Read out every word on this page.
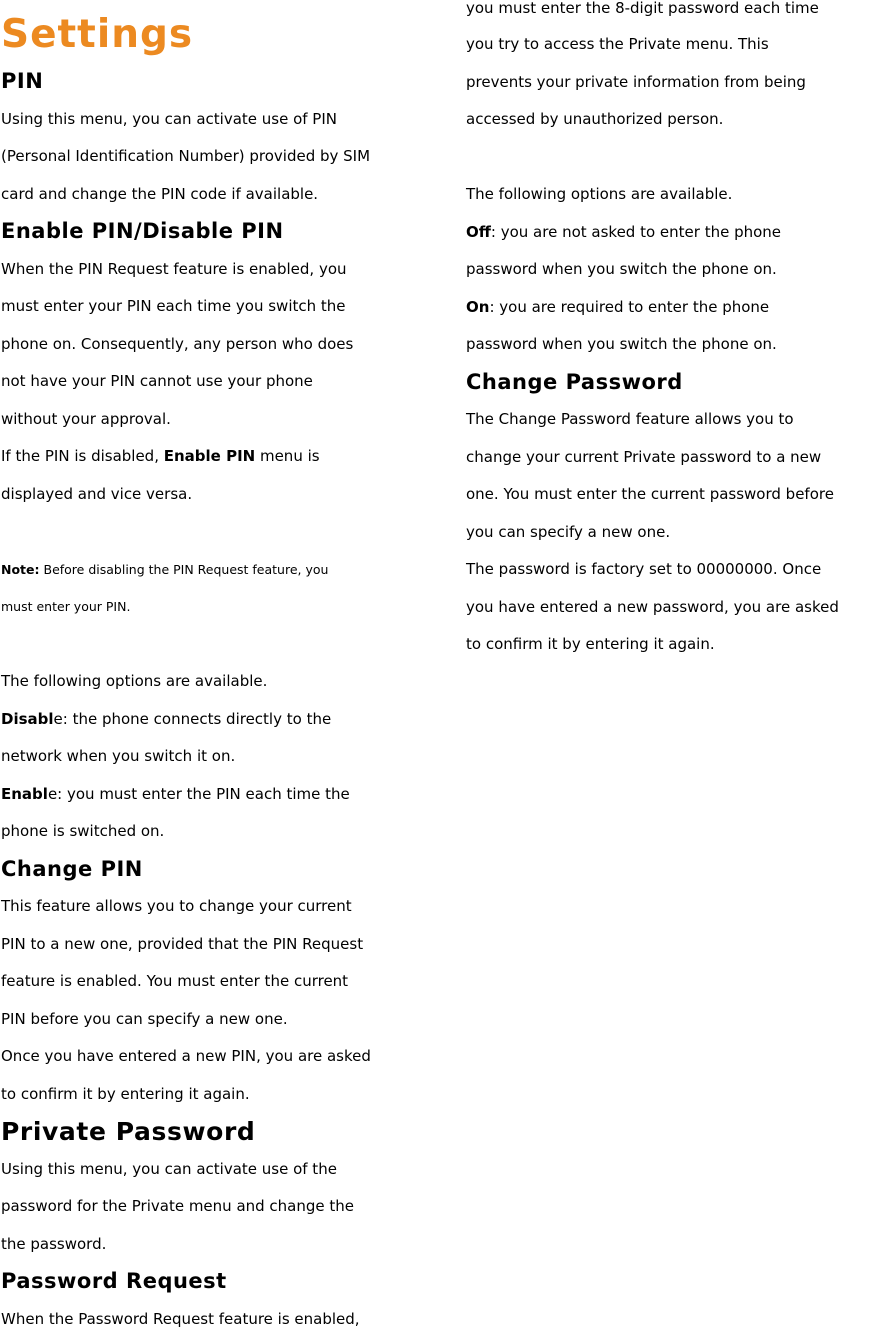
Settings
PIN

Using this menu, you can activate use of PIN

(Personal Identification Number) provided by SIM

card and change the PIN code if available.

Enable PIN/Disable PIN

When the PIN Request feature is enabled, you

must enter your PIN each time you switch the

phone on. Consequently, any person who does

not have your PIN cannot use your phone

without your approval.

If the PIN is disabled, Enable PIN menu is

displayed and vice versa.

Note: Before disabling the PIN Request feature, you

must enter your PIN.

The following options are available.

Disable: the phone connects directly to the

network when you switch it on.

Enable: you must enter the PIN each time the

phone is switched on.

Change PIN

This feature allows you to change your current

PIN to a new one, provided that the PIN Request

feature is enabled. You must enter the current

PIN before you can specify a new one.

Once you have entered a new PIN, you are asked

to confirm it by entering it again.

Private Password

Using this menu, you can activate use of the

password for the Private menu and change the

the password.

Password Request

When the Password Request feature is enabled,

you must enter the 8-digit password each time

you try to access the Private menu. This

prevents your private information from being

accessed by unauthorized person.

The following options are available.

Off: you are not asked to enter the phone

password when you switch the phone on.

On: you are required to enter the phone

password when you switch the phone on.

Change Password

The Change Password feature allows you to

change your current Private password to a new

one. You must enter the current password before

you can specify a new one.

The password is factory set to 00000000. Once

you have entered a new password, you are asked

to confirm it by entering it again.
